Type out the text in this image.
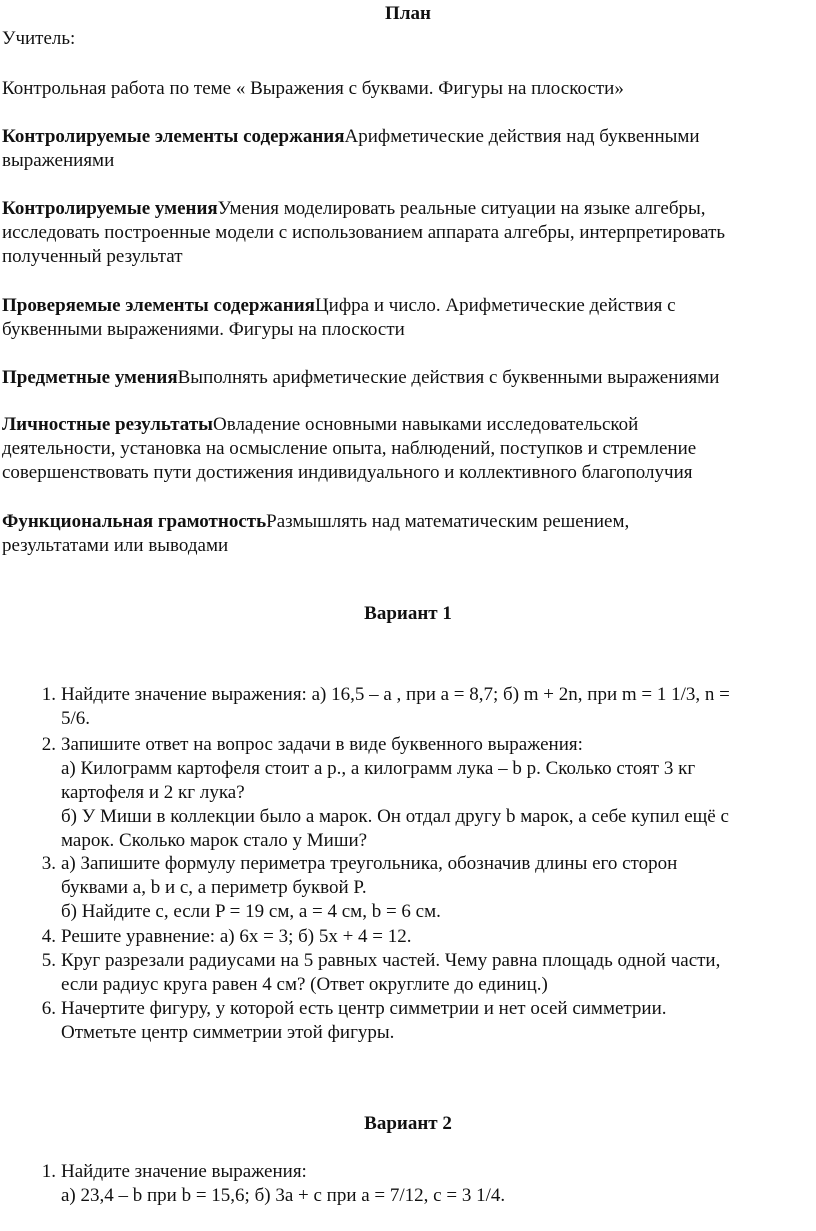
План
Учитель:
Контрольная работа по теме « Выражения с буквами. Фигуры на плоскости»
Контролируемые элементы содержанияАрифметические действия над буквенными
выражениями
Контролируемые уменияУмения моделировать реальные ситуации на языке алгебры,
исследовать построенные модели с использованием аппарата алгебры, интерпретировать
полученный результат
Проверяемые элементы содержанияЦифра и число. Арифметические действия с
буквенными выражениями. Фигуры на плоскости
Предметные уменияВыполнять арифметические действия с буквенными выражениями
Личностные результатыОвладение основными навыками исследовательской
деятельности, установка на осмысление опыта, наблюдений, поступков и стремление
совершенствовать пути достижения индивидуального и коллективного благополучия
Функциональная грамотностьРазмышлять над математическим решением,
результатами или выводами
Вариант 1
1. Найдите значение выражения: а) 16,5 – a , при а = 8,7; б) m + 2n, при m = 1 1/3, n =
5/6.
2. Запишите ответ на вопрос задачи в виде буквенного выражения:
а) Килограмм картофеля стоит a р., а килограмм лука – b р. Сколько стоят 3 кг
картофеля и 2 кг лука?
б) У Миши в коллекции было a марок. Он отдал другу b марок, а себе купил ещё с
марок. Сколько марок стало у Миши?
3. а) Запишите формулу периметра треугольника, обозначив длины его сторон
буквами a, b и c, а периметр буквой P.
б) Найдите c, если P = 19 см, a = 4 см, b = 6 см.
4. Решите уравнение: а) 6х = 3; б) 5х + 4 = 12.
5. Круг разрезали радиусами на 5 равных частей. Чему равна площадь одной части,
если радиус круга равен 4 см? (Ответ округлите до единиц.)
6. Начертите фигуру, у которой есть центр симметрии и нет осей симметрии.
Отметьте центр симметрии этой фигуры.
Вариант 2
1. Найдите значение выражения:
а) 23,4 – b при b = 15,6; б) 3a + c при a = 7/12, c = 3 1/4.
